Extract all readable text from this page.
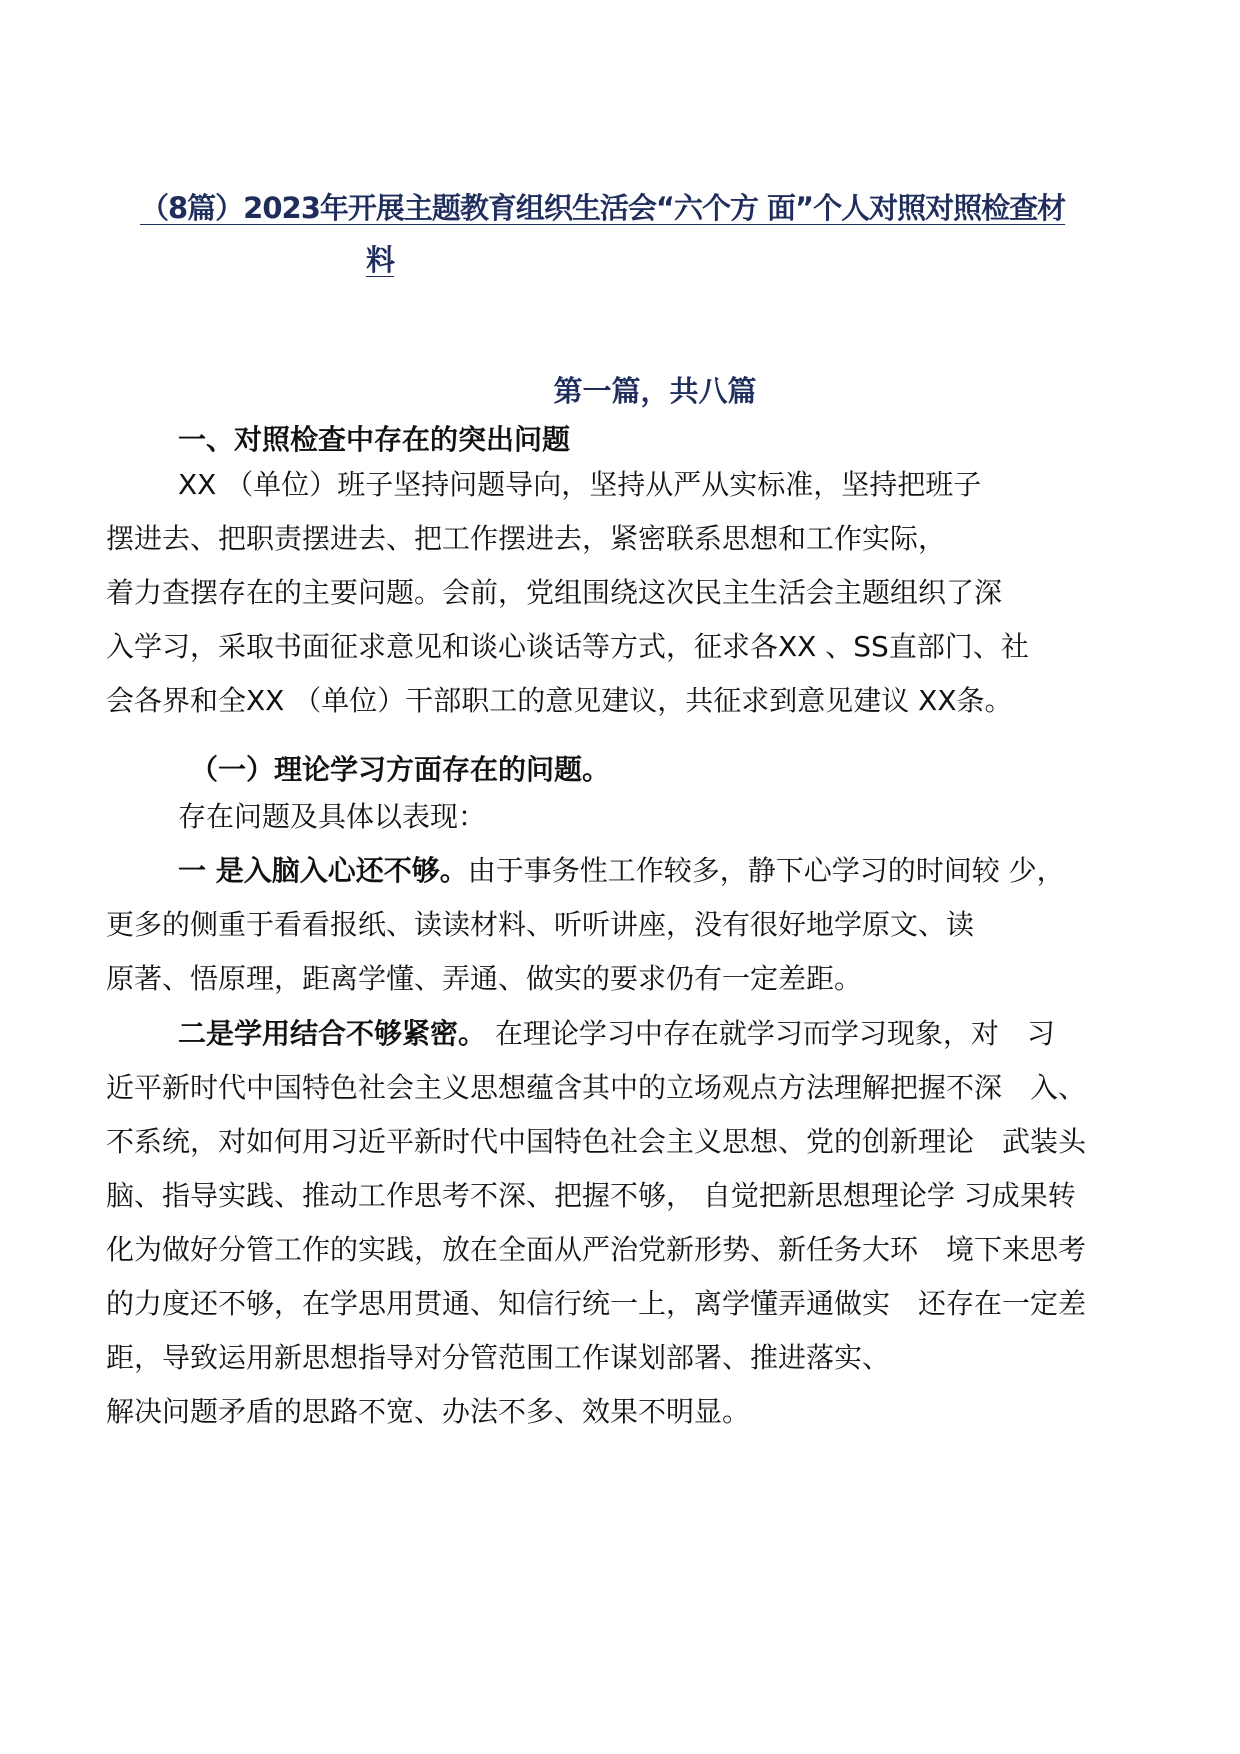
（8篇）2023年开展主题教育组织生活会“六个方 面”个人对照对照检查材
料
第一篇，共八篇
一、对照检查中存在的突出问题
XX （单位）班子坚持问题导向，坚持从严从实标准，坚持把班子
摆进去、把职责摆进去、把工作摆进去，紧密联系思想和工作实际，
着力查摆存在的主要问题。会前，党组围绕这次民主生活会主题组织了深
入学习，采取书面征求意见和谈心谈话等方式，征求各XX 、SS直部门、社
会各界和全XX （单位）干部职工的意见建议，共征求到意见建议 XX条。
（一）理论学习方面存在的问题。
存在问题及具体以表现：
一 是入脑入心还不够。由于事务性工作较多，静下心学习的时间较 少，
更多的侧重于看看报纸、读读材料、听听讲座，没有很好地学原文、读
原著、悟原理，距离学懂、弄通、做实的要求仍有一定差距。
二是学用结合不够紧密。 在理论学习中存在就学习而学习现象，对　习
近平新时代中国特色社会主义思想蕴含其中的立场观点方法理解把握不深　入、
不系统，对如何用习近平新时代中国特色社会主义思想、党的创新理论　武装头
脑、指导实践、推动工作思考不深、把握不够， 自觉把新思想理论学 习成果转
化为做好分管工作的实践，放在全面从严治党新形势、新任务大环　境下来思考
的力度还不够，在学思用贯通、知信行统一上，离学懂弄通做实　还存在一定差
距，导致运用新思想指导对分管范围工作谋划部署、推进落实、
解决问题矛盾的思路不宽、办法不多、效果不明显。
